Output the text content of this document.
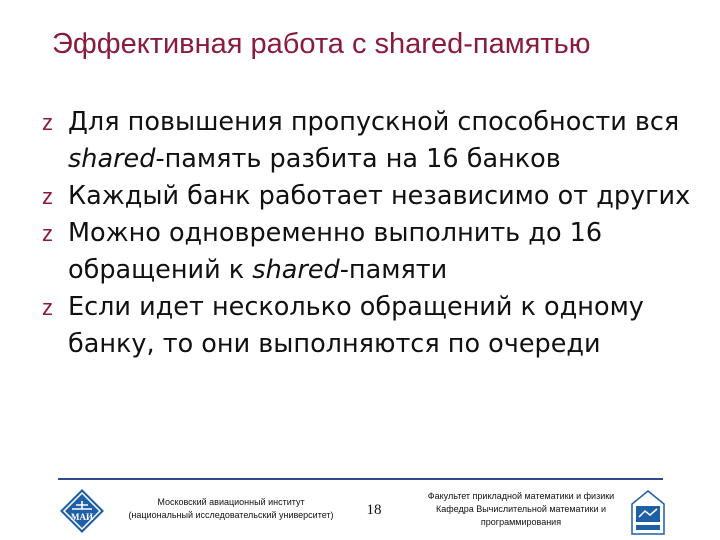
Эффективная работа с shared-памятью
z Для повышения пропускной способности вся shared-память разбита на 16 банков
z Каждый банк работает независимо от других
z Можно одновременно выполнить до 16 обращений к shared-памяти
z Если идет несколько обращений к одному банку, то они выполняются по очереди
МАИ
Московский авиационный институт
(национальный исследовательский университет)	18
Факультет прикладной математики и физики
Кафедра Вычислительной математики и
программирования
